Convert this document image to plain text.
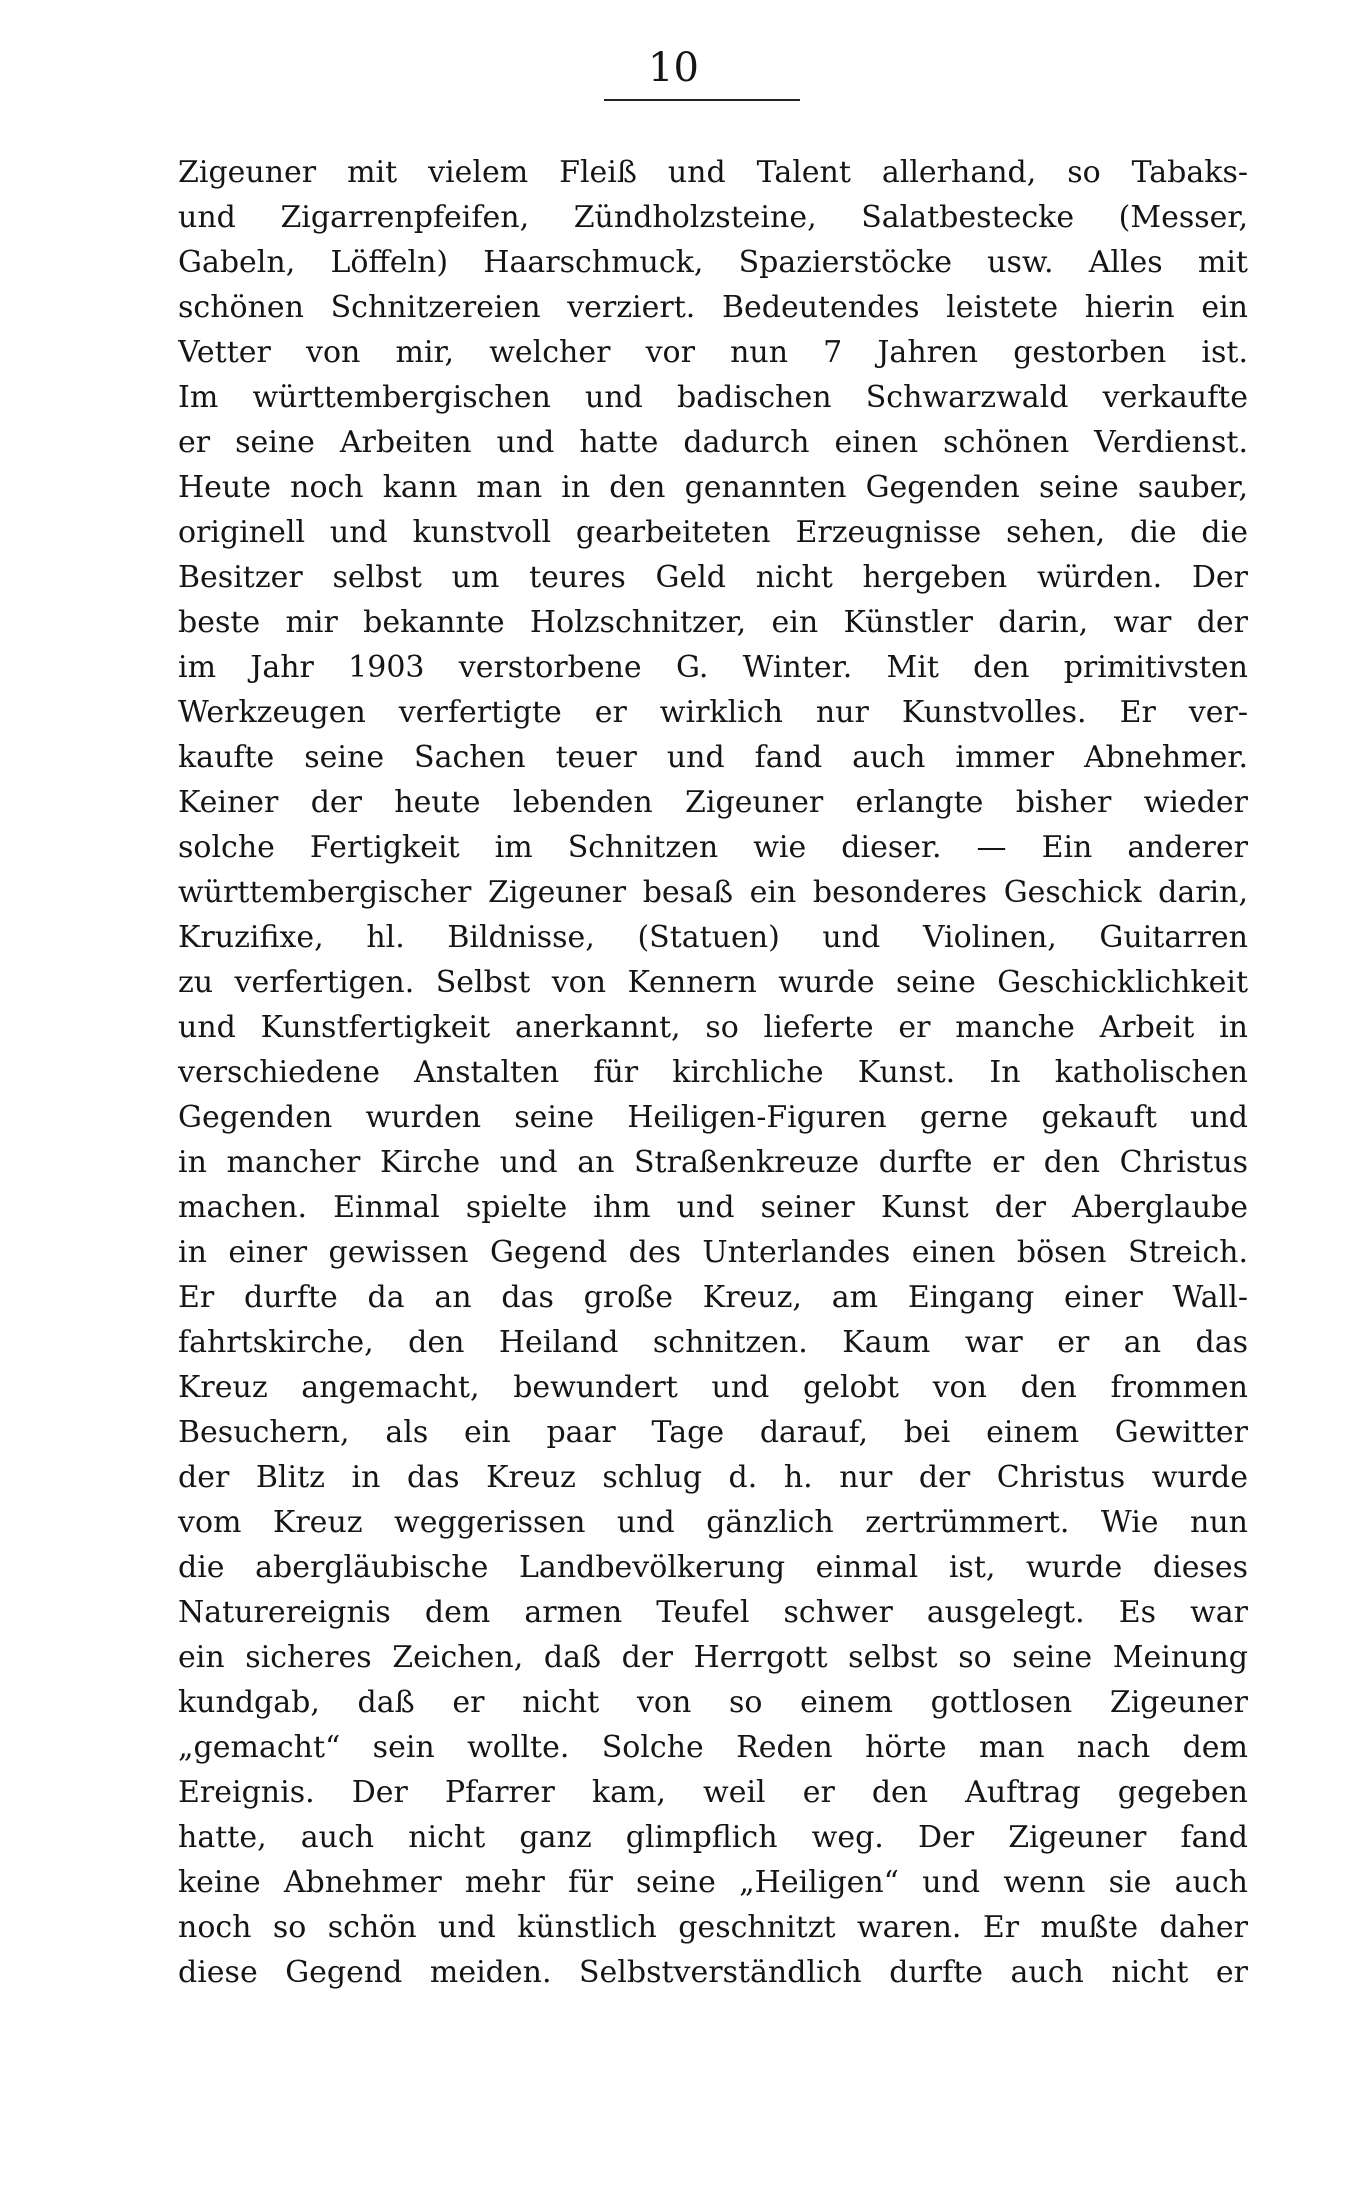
10
Zigeuner mit vielem Fleiß und Talent allerhand, so Tabaks-
und Zigarrenpfeifen, Zündholzsteine, Salatbestecke (Messer,
Gabeln, Löffeln) Haarschmuck, Spazierstöcke usw. Alles mit
schönen Schnitzereien verziert. Bedeutendes leistete hierin ein
Vetter von mir, welcher vor nun 7 Jahren gestorben ist.
Im württembergischen und badischen Schwarzwald verkaufte
er seine Arbeiten und hatte dadurch einen schönen Verdienst.
Heute noch kann man in den genannten Gegenden seine sauber,
originell und kunstvoll gearbeiteten Erzeugnisse sehen, die die
Besitzer selbst um teures Geld nicht hergeben würden. Der
beste mir bekannte Holzschnitzer, ein Künstler darin, war der
im Jahr 1903 verstorbene G. Winter. Mit den primitivsten
Werkzeugen verfertigte er wirklich nur Kunstvolles. Er ver-
kaufte seine Sachen teuer und fand auch immer Abnehmer.
Keiner der heute lebenden Zigeuner erlangte bisher wieder
solche Fertigkeit im Schnitzen wie dieser. — Ein anderer
württembergischer Zigeuner besaß ein besonderes Geschick darin,
Kruzifixe, hl. Bildnisse, (Statuen) und Violinen, Guitarren
zu verfertigen. Selbst von Kennern wurde seine Geschicklichkeit
und Kunstfertigkeit anerkannt, so lieferte er manche Arbeit in
verschiedene Anstalten für kirchliche Kunst. In katholischen
Gegenden wurden seine Heiligen-Figuren gerne gekauft und
in mancher Kirche und an Straßenkreuze durfte er den Christus
machen. Einmal spielte ihm und seiner Kunst der Aberglaube
in einer gewissen Gegend des Unterlandes einen bösen Streich.
Er durfte da an das große Kreuz, am Eingang einer Wall-
fahrtskirche, den Heiland schnitzen. Kaum war er an das
Kreuz angemacht, bewundert und gelobt von den frommen
Besuchern, als ein paar Tage darauf, bei einem Gewitter
der Blitz in das Kreuz schlug d. h. nur der Christus wurde
vom Kreuz weggerissen und gänzlich zertrümmert. Wie nun
die abergläubische Landbevölkerung einmal ist, wurde dieses
Naturereignis dem armen Teufel schwer ausgelegt. Es war
ein sicheres Zeichen, daß der Herrgott selbst so seine Meinung
kundgab, daß er nicht von so einem gottlosen Zigeuner
„gemacht“ sein wollte. Solche Reden hörte man nach dem
Ereignis. Der Pfarrer kam, weil er den Auftrag gegeben
hatte, auch nicht ganz glimpflich weg. Der Zigeuner fand
keine Abnehmer mehr für seine „Heiligen“ und wenn sie auch
noch so schön und künstlich geschnitzt waren. Er mußte daher
diese Gegend meiden. Selbstverständlich durfte auch nicht er
